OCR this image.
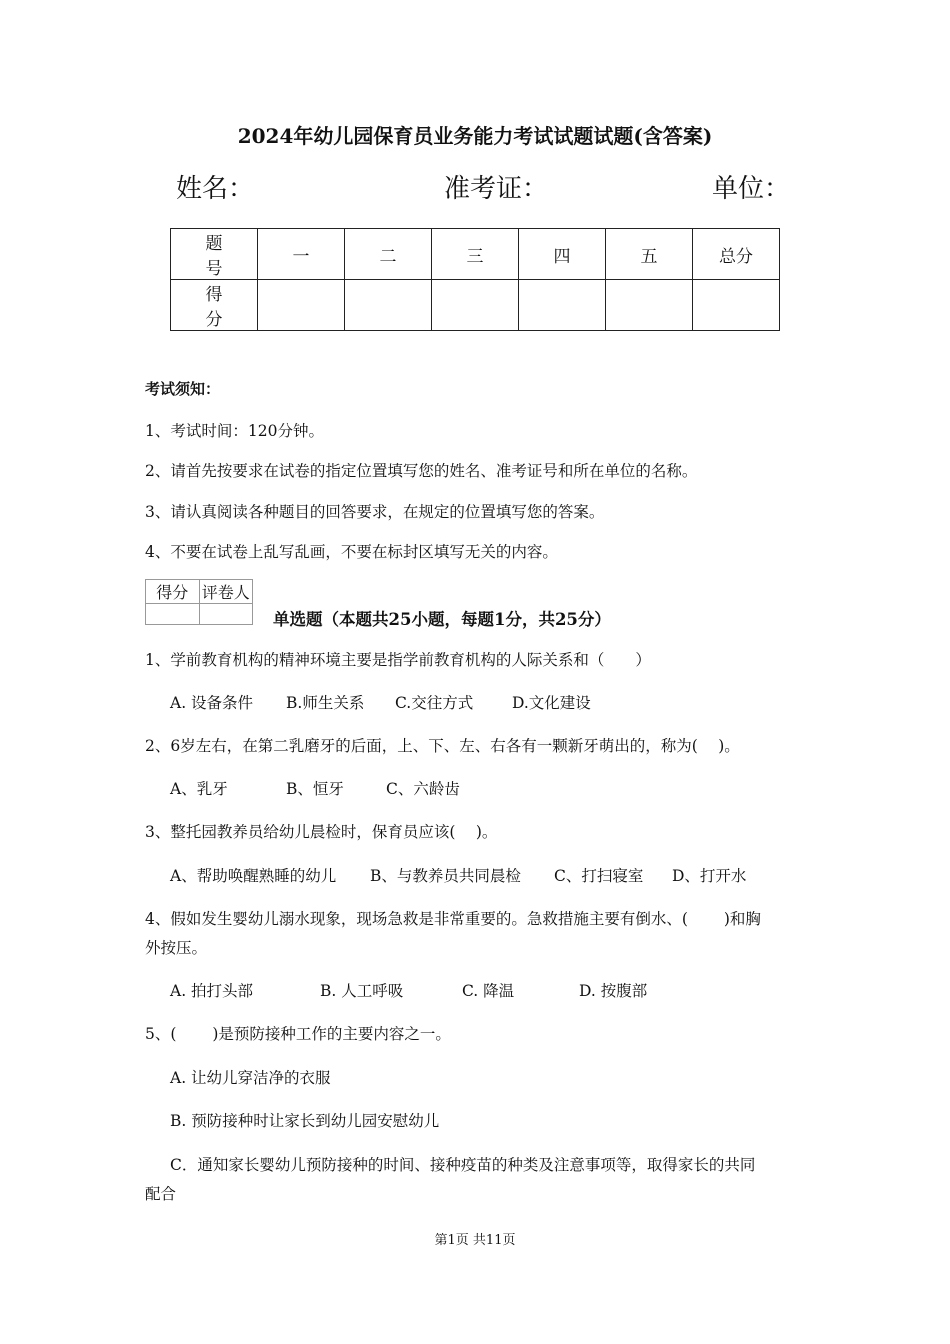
2024年幼儿园保育员业务能力考试试题试题(含答案)
姓名：	准考证：	单位：
题　号	一	二	三	四	五	总分
得　分						
考试须知：
1、考试时间：120分钟。
2、请首先按要求在试卷的指定位置填写您的姓名、准考证号和所在单位的名称。
3、请认真阅读各种题目的回答要求，在规定的位置填写您的答案。
4、不要在试卷上乱写乱画，不要在标封区填写无关的内容。
得分	评卷人

单选题（本题共25小题，每题1分，共25分）
1、学前教育机构的精神环境主要是指学前教育机构的人际关系和（　　）
A. 设备条件 B.师生关系 C.交往方式	D.文化建设
2、6岁左右，在第二乳磨牙的后面，上、下、左、右各有一颗新牙萌出的，称为(　 )。
A、乳牙	B、恒牙	C、六龄齿
3、整托园教养员给幼儿晨检时，保育员应该(　 )。
A、帮助唤醒熟睡的幼儿 B、与教养员共同晨检 C、打扫寝室 D、打开水
4、假如发生婴幼儿溺水现象，现场急救是非常重要的。急救措施主要有倒水、(　　 )和胸
外按压。
A. 拍打头部	B. 人工呼吸	C. 降温	D. 按腹部
5、(　　 )是预防接种工作的主要内容之一。
A. 让幼儿穿洁净的衣服
B. 预防接种时让家长到幼儿园安慰幼儿
C．通知家长婴幼儿预防接种的时间、接种疫苗的种类及注意事项等，取得家长的共同
配合
第1页 共11页
